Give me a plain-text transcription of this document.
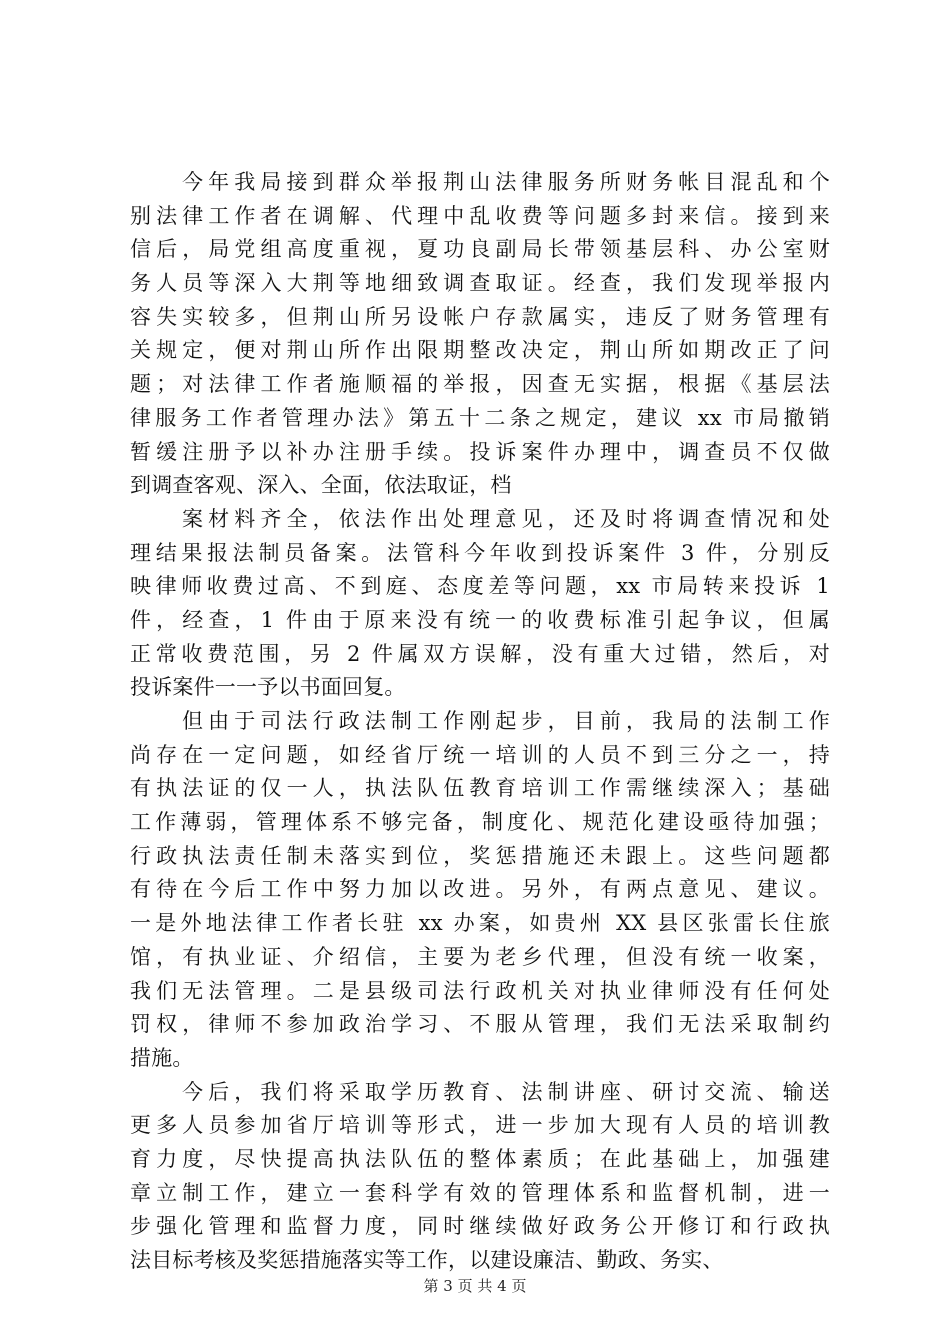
今年我局接到群众举报荆山法律服务所财务帐目混乱和个
别法律工作者在调解、代理中乱收费等问题多封来信。接到来
信后，局党组高度重视，夏功良副局长带领基层科、办公室财
务人员等深入大荆等地细致调查取证。经查，我们发现举报内
容失实较多，但荆山所另设帐户存款属实，违反了财务管理有
关规定，便对荆山所作出限期整改决定，荆山所如期改正了问
题；对法律工作者施顺福的举报，因查无实据，根据《基层法
律服务工作者管理办法》第五十二条之规定，建议 xx 市局撤销
暂缓注册予以补办注册手续。投诉案件办理中，调查员不仅做
到调查客观、深入、全面，依法取证，档
案材料齐全，依法作出处理意见，还及时将调查情况和处
理结果报法制员备案。法管科今年收到投诉案件 3 件，分别反
映律师收费过高、不到庭、态度差等问题，xx 市局转来投诉 1
件，经查，1 件由于原来没有统一的收费标准引起争议，但属
正常收费范围，另 2 件属双方误解，没有重大过错，然后，对
投诉案件一一予以书面回复。
但由于司法行政法制工作刚起步，目前，我局的法制工作
尚存在一定问题，如经省厅统一培训的人员不到三分之一，持
有执法证的仅一人，执法队伍教育培训工作需继续深入；基础
工作薄弱，管理体系不够完备，制度化、规范化建设亟待加强；
行政执法责任制未落实到位，奖惩措施还未跟上。这些问题都
有待在今后工作中努力加以改进。另外，有两点意见、建议。
一是外地法律工作者长驻 xx 办案，如贵州 XX 县区张雷长住旅
馆，有执业证、介绍信，主要为老乡代理，但没有统一收案，
我们无法管理。二是县级司法行政机关对执业律师没有任何处
罚权，律师不参加政治学习、不服从管理，我们无法采取制约
措施。
今后，我们将采取学历教育、法制讲座、研讨交流、输送
更多人员参加省厅培训等形式，进一步加大现有人员的培训教
育力度，尽快提高执法队伍的整体素质；在此基础上，加强建
章立制工作，建立一套科学有效的管理体系和监督机制，进一
步强化管理和监督力度，同时继续做好政务公开修订和行政执
法目标考核及奖惩措施落实等工作，以建设廉洁、勤政、务实、
第 3 页 共 4 页
